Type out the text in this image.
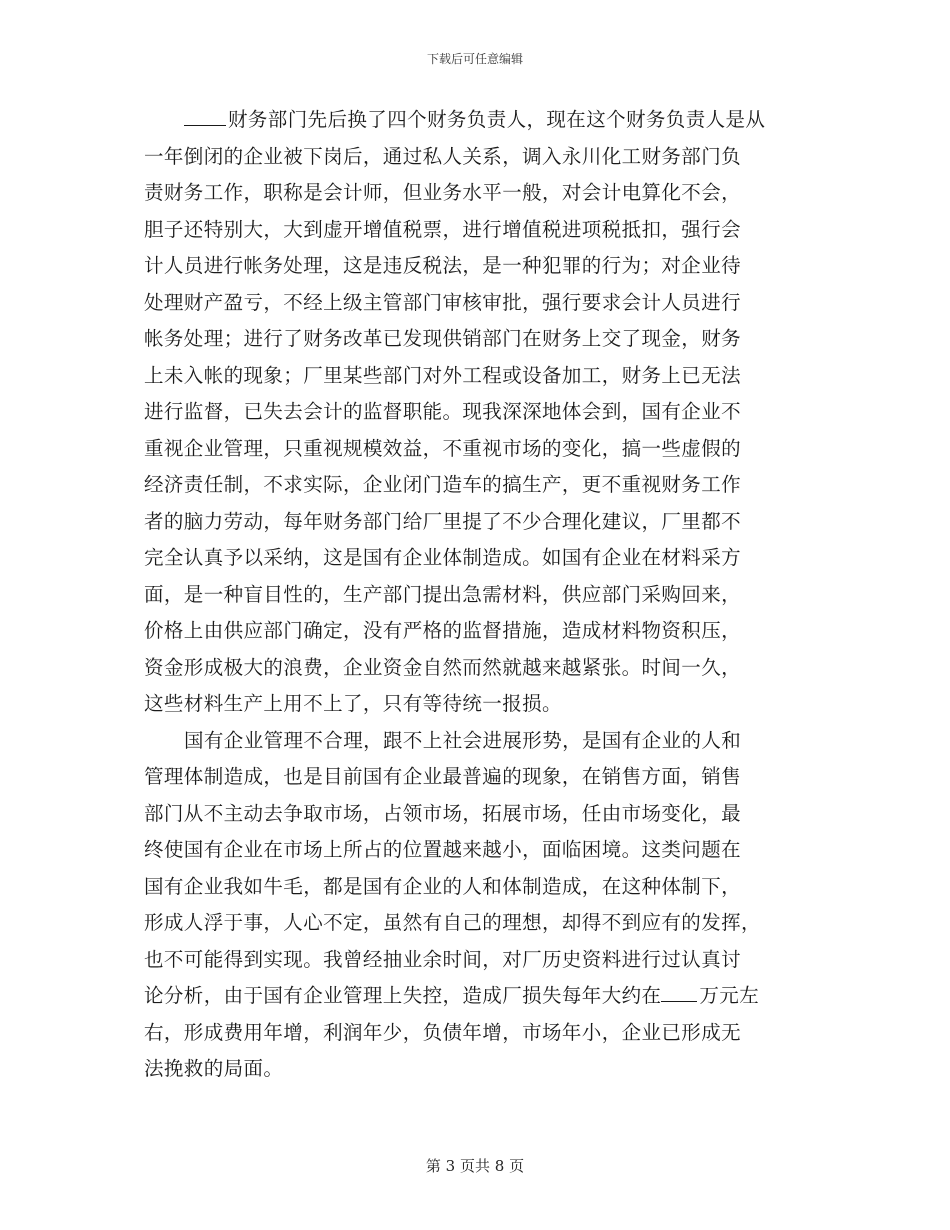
下载后可任意编辑
财务部门先后换了四个财务负责人，现在这个财务负责人是从
一年倒闭的企业被下岗后，通过私人关系，调入永川化工财务部门负
责财务工作，职称是会计师，但业务水平一般，对会计电算化不会，
胆子还特别大，大到虚开增值税票，进行增值税进项税抵扣，强行会
计人员进行帐务处理，这是违反税法，是一种犯罪的行为；对企业待
处理财产盈亏，不经上级主管部门审核审批，强行要求会计人员进行
帐务处理；进行了财务改革已发现供销部门在财务上交了现金，财务
上未入帐的现象；厂里某些部门对外工程或设备加工，财务上已无法
进行监督，已失去会计的监督职能。现我深深地体会到，国有企业不
重视企业管理，只重视规模效益，不重视市场的变化，搞一些虚假的
经济责任制，不求实际，企业闭门造车的搞生产，更不重视财务工作
者的脑力劳动，每年财务部门给厂里提了不少合理化建议，厂里都不
完全认真予以采纳，这是国有企业体制造成。如国有企业在材料采方
面，是一种盲目性的，生产部门提出急需材料，供应部门采购回来，
价格上由供应部门确定，没有严格的监督措施，造成材料物资积压，
资金形成极大的浪费，企业资金自然而然就越来越紧张。时间一久，
这些材料生产上用不上了，只有等待统一报损。
国有企业管理不合理，跟不上社会进展形势，是国有企业的人和
管理体制造成，也是目前国有企业最普遍的现象，在销售方面，销售
部门从不主动去争取市场，占领市场，拓展市场，任由市场变化，最
终使国有企业在市场上所占的位置越来越小，面临困境。这类问题在
国有企业我如牛毛，都是国有企业的人和体制造成，在这种体制下，
形成人浮于事，人心不定，虽然有自己的理想，却得不到应有的发挥，
也不可能得到实现。我曾经抽业余时间，对厂历史资料进行过认真讨
论分析，由于国有企业管理上失控，造成厂损失每年大约在 万元左
右，形成费用年增，利润年少，负债年增，市场年小，企业已形成无
法挽救的局面。
第 3 页共 8 页
